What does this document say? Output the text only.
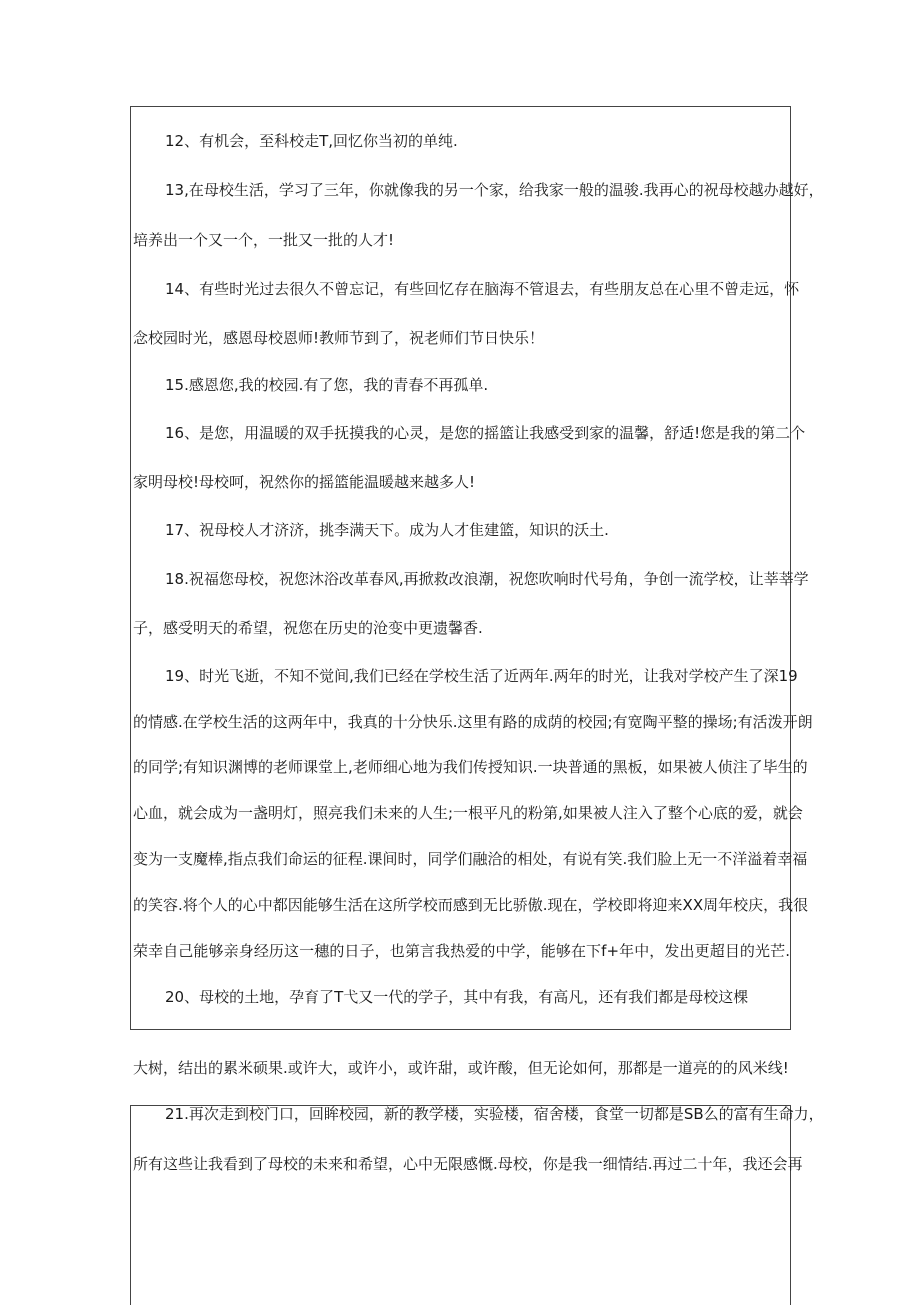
12、有机会，至科校走T,回忆你当初的单纯.
13,在母校生活，学习了三年，你就像我的另一个家，给我家一般的温骏.我再心的祝母校越办越好，
培养出一个又一个，一批又一批的人才!
14、有些时光过去很久不曾忘记，有些回忆存在脑海不管退去，有些朋友总在心里不曾走远，怀
念校园时光，感恩母校恩师!教师节到了，祝老师们节日快乐！
15.感恩您,我的校园.有了您，我的青春不再孤单.
16、是您，用温暖的双手抚摸我的心灵，是您的摇篮让我感受到家的温馨，舒适!您是我的第二个
家明母校!母校呵，祝然你的摇篮能温暖越来越多人!
17、祝母校人才济济，挑李满天下。成为人才隹建篮，知识的沃土.
18.祝福您母校，祝您沐浴改革春风,再掀救改浪潮，祝您吹响时代号角，争创一流学校，让莘莘学
子，感受明天的希望，祝您在历史的沧变中更遗馨香.
19、时光飞逝，不知不觉间,我们已经在学校生活了近两年.两年的时光，让我对学校产生了深19
的情感.在学校生活的这两年中，我真的十分快乐.这里有路的成荫的校园;有宽陶平整的操场;有活泼开朗
的同学;有知识渊博的老师课堂上,老师细心地为我们传授知识.一块普通的黑板，如果被人侦注了毕生的
心血，就会成为一盏明灯，照亮我们未来的人生;一根平凡的粉第,如果被人注入了整个心底的爱，就会
变为一支魔棒,指点我们命运的征程.课间时，同学们融洽的相处，有说有笑.我们脸上无一不洋溢着幸福
的笑容.将个人的心中都因能够生活在这所学校而感到无比骄傲.现在，学校即将迎来XX周年校庆，我很
荣幸自己能够亲身经历这一穗的日子，也第言我热爱的中学，能够在下f+年中，发出更超目的光芒.
20、母校的土地，孕育了T弋又一代的学子，其中有我，有高凡，还有我们都是母校这棵
大树，结出的累米硕果.或许大，或许小，或许甜，或许酸，但无论如何，那都是一道亮的的风米线!
21.再次走到校门口，回眸校园，新的教学楼，实验楼，宿舍楼，食堂一切都是SB么的富有生命力，
所有这些让我看到了母校的未来和希望，心中无限感慨.母校，你是我一细情结.再过二十年，我还会再
